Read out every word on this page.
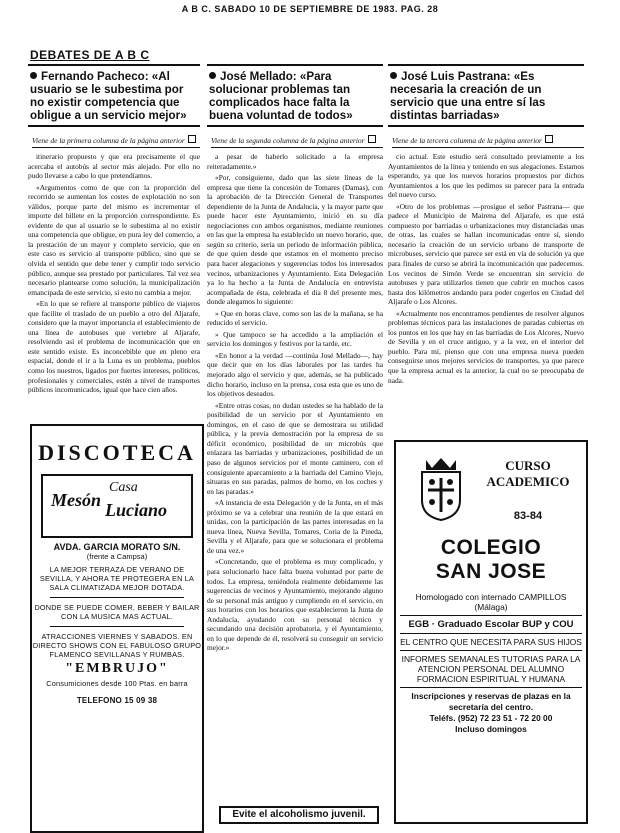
A B C. SABADO 10 DE SEPTIEMBRE DE 1983. PAG. 28
DEBATES DE A B C
Fernando Pacheco: «Al usuario se le subestima por no existir competencia que obligue a un servicio mejor»
Viene de la primera columna de la página anterior

itinerario propuesto y que era precisamente el que acercaba el autobús al sector más alejado. Por ello no pudo llevarse a cabo lo que pretendíamos.

«Argumentos como de que con la proporción del recorrido se aumentan los costes de explotación no son válidos, porque parte del mismo es incrementar el importe del billete en la proporción correspondiente. Es evidente de que al usuario se le subestima al no existir una competencia que obligue, en pura ley del comercio, a la prestación de un mayor y completo servicio, que en este caso es servicio al transporte público, sino que se olvida el sentido que debe tener y cumplir todo servicio público, aunque sea prestado por particulares. Tal vez sea necesario plantearse como solución, la municipalización emancipada de este servicio, si esto no cambia a mejor.

«En lo que se refiere al transporte público de viajeros que facilite el traslado de un pueblo a otro del Aljarafe, considero que la mayor importancia el establecimiento de una línea de autobuses que vertebre al Aljarafe, resolviendo así el problema de incomunicación que en este sentido existe. Es inconcebible que en pleno era espacial, donde el ir a la Luna es un problema, pueblos como los nuestros, ligados por fuertes intereses, políticos, profesionales y comerciales, estén a nivel de transportes públicos incomunicados, igual que hace cien años.

José Mellado: «Para solucionar problemas tan complicados hace falta la buena voluntad de todos»
Viene de la segunda columna de la página anterior

a pesar de haberlo solicitado a la empresa reiteradamente.»

«Por, consiguiente, dado que las siete líneas de la empresa que tiene la concesión de Tomares (Damas), con la aprobación de la Dirección General de Transportes dependiente de la Junta de Andalucía, y la mayor parte que puede hacer este Ayuntamiento, inició en su día negociaciones con ambos organismos, mediante reuniones en las que la empresa ha establecido un nuevo horario, que, según su criterio, sería un período de información pública, de que quien desde que estamos en el momento preciso para hacer alegaciones y sugerencias todos los interesados vecinos, urbanizaciones y Ayuntamiento. Esta Delegación ya lo ha hecho a la Junta de Andalucía en entrevista acompañada de ésta, celebrada el día 8 del presente mes, donde alegamos lo siguiente:

» Que en horas clave, como son las de la mañana, se ha reducido el servicio.

» Que tampoco se ha accedido a la ampliación el servicio los domingos y festivos por la tarde, etc.

«En honor a la verdad —continúa José Mellado—, hay que decir que en los días laborales por las tardes ha mejorado algo el servicio y que, además, se ha publicado dicho horario, incluso en la prensa, cosa esta que es uno de los objetivos deseados.

«Entre otras cosas, no dudan ustedes se ha hablado de la posibilidad de un servicio por el Ayuntamiento en domingos, en el caso de que se demostrara su utilidad pública, y la previa demostración por la empresa de su déficit económico, posibilidad de un microbús que enlazara las barriadas y urbanizaciones, posibilidad de un paso de algunos servicios por el monte caminero, con el consiguiente aparcamiento a la barriada del Camino Viejo, situaras en sus paradas, palmos de horno, en los coches y en las paradas.»

«A instancia de esta Delegación y de la Junta, en el más próximo se va a celebrar una reunión de la que estará en unidas, con la participación de las partes interesadas en la nueva línea, Nueva Sevilla, Tomares, Coria de la Pineda, Sevilla y el Aljarafe, para que se solucionara el problema de una vez.»

«Concretando, que el problema es muy complicado, y para solucionarlo hace falta buena voluntad por parte de todos. La empresa, teniéndola realmente debidamente las sugerencias de vecinos y Ayuntamiento, mejorando alguno de su personal más antiguo y cumpliendo en el servicio, en sus horarios con los horarios que establecieron la Junta de Andalucía, ayudando con su personal técnico y secundando una decisión aprobatoria, y el Ayuntamiento, en lo que depende de él, resolverá su conseguir un servicio mejor.»

José Luis Pastrana: «Es necesaria la creación de un servicio que una entre sí las distintas barriadas»
Viene de la tercera columna de la página anterior

cio actual. Este estudio será consultado previamente a los Ayuntamientos de la línea y teniendo en sus alegaciones. Estamos esperando, ya que los nuevos horarios propuestos por dichos Ayuntamientos a los que les pedimos su parecer para la entrada del nuevo curso.

«Otro de los problemas —prosigue el señor Pastrana— que padece el Municipio de Mairena del Aljarafe, es que está compuesto por barriadas o urbanizaciones muy distanciadas unas de otras, las cuales se hallan incomunicadas entre sí, siendo necesario la creación de un servicio urbano de transporte de microbuses, servicio que parece ser está en vía de solución ya que para finales de curso se abrirá la incomunicación que padecemos. Los vecinos de Simón Verde se encuentran sin servicio de autobuses y para utilizarlos tienen que cubrir en muchos casos hasta dos kilómetros andando para poder cogerlos en Ciudad del Aljarafe o Los Alcores.

«Actualmente nos encontramos pendientes de resolver algunos problemas técnicos para las instalaciones de paradas cubiertas en los puntos en los que hay en las barriadas de Los Alcores, Nuevo de Sevilla y en el cruce antiguo, y a la vez, en el interior del pueblo. Para mí, pienso que con una empresa nueva pueden conseguirse unos mejores servicios de transportes, ya que parece que la empresa actual es la anterior, la cual no se preocupaba de nada.

DISCOTECA
Mesón
Casa
Luciano
AVDA. GARCIA MORATO S/N.
(frente a Campsa)
LA MEJOR TERRAZA DE VERANO DE SEVILLA, Y AHORA TE PROTEGERA EN LA SALA CLIMATIZADA MEJOR DOTADA.
DONDE SE PUEDE COMER, BEBER Y BAILAR CON LA MUSICA MAS ACTUAL.
ATRACCIONES VIERNES Y SABADOS. EN DIRECTO SHOWS CON EL FABULOSO GRUPO FLAMENCO SEVILLANAS Y RUMBAS.
"EMBRUJO"
Consumiciones desde 100 Ptas. en barra
TELEFONO 15 09 38
Evite el alcoholismo juvenil.
CURSO
ACADEMICO
83-84
COLEGIO
SAN JOSE
Homologado con internado CAMPILLOS (Málaga)
EGB · Graduado Escolar BUP y COU
EL CENTRO QUE NECESITA PARA SUS HIJOS
INFORMES SEMANALES TUTORIAS PARA LA ATENCION PERSONAL DEL ALUMNO FORMACION ESPIRITUAL Y HUMANA
Inscripciones y reservas de plazas en la secretaría del centro.
Teléfs. (952) 72 23 51 - 72 20 00
Incluso domingos
